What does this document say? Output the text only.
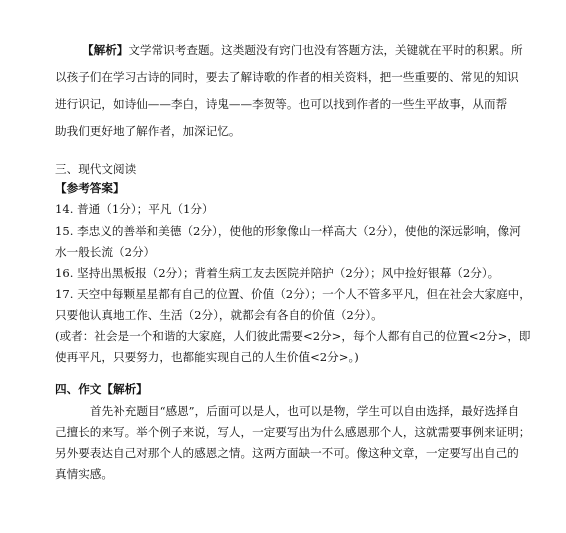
【解析】文学常识考查题。这类题没有窍门也没有答题方法，关键就在平时的积累。所
以孩子们在学习古诗的同时，要去了解诗歌的作者的相关资料，把一些重要的、常见的知识
进行识记，如诗仙——李白，诗鬼——李贺等。也可以找到作者的一些生平故事，从而帮
助我们更好地了解作者，加深记忆。
三、现代文阅读
【参考答案】
14. 普通（1分）；平凡（1分）
15. 李忠义的善举和美德（2分），使他的形象像山一样高大（2分），使他的深远影响，像河
水一般长流（2分）
16. 坚持出黑板报（2分）；背着生病工友去医院并陪护（2分）；风中捡好银幕（2分）。
17. 天空中每颗星星都有自己的位置、价值（2分）；一个人不管多平凡，但在社会大家庭中，
只要他认真地工作、生活（2分），就都会有各自的价值（2分）。
(或者：社会是一个和谐的大家庭，人们彼此需要<2分>，每个人都有自己的位置<2分>，即
使再平凡，只要努力，也都能实现自己的人生价值<2分>。)
四、作文【解析】
首先补充题目“感恩”，后面可以是人，也可以是物，学生可以自由选择，最好选择自
己擅长的来写。举个例子来说，写人，一定要写出为什么感恩那个人，这就需要事例来证明；
另外要表达自己对那个人的感恩之情。这两方面缺一不可。像这种文章，一定要写出自己的
真情实感。
